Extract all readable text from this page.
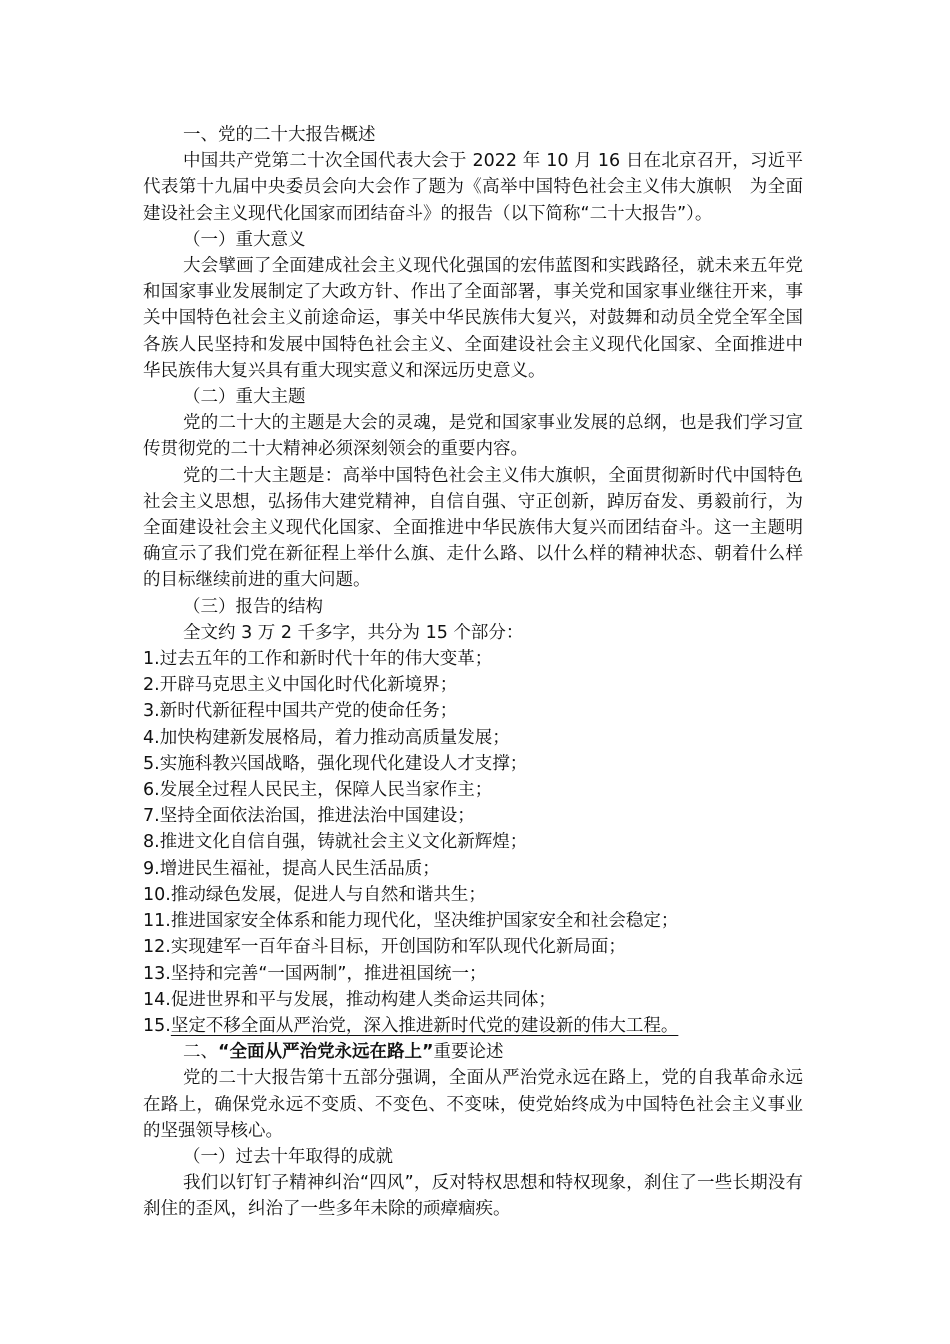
一、党的二十大报告概述

中国共产党第二十次全国代表大会于 2022 年 10 月 16 日在北京召开，习近平代表第十九届中央委员会向大会作了题为《高举中国特色社会主义伟大旗帜　为全面建设社会主义现代化国家而团结奋斗》的报告（以下简称“二十大报告”）。

（一）重大意义

大会擘画了全面建成社会主义现代化强国的宏伟蓝图和实践路径，就未来五年党和国家事业发展制定了大政方针、作出了全面部署，事关党和国家事业继往开来，事关中国特色社会主义前途命运，事关中华民族伟大复兴，对鼓舞和动员全党全军全国各族人民坚持和发展中国特色社会主义、全面建设社会主义现代化国家、全面推进中华民族伟大复兴具有重大现实意义和深远历史意义。

（二）重大主题

党的二十大的主题是大会的灵魂，是党和国家事业发展的总纲，也是我们学习宣传贯彻党的二十大精神必须深刻领会的重要内容。

党的二十大主题是：高举中国特色社会主义伟大旗帜，全面贯彻新时代中国特色社会主义思想，弘扬伟大建党精神，自信自强、守正创新，踔厉奋发、勇毅前行，为全面建设社会主义现代化国家、全面推进中华民族伟大复兴而团结奋斗。这一主题明确宣示了我们党在新征程上举什么旗、走什么路、以什么样的精神状态、朝着什么样的目标继续前进的重大问题。

（三）报告的结构

全文约 3 万 2 千多字，共分为 15 个部分：

1.过去五年的工作和新时代十年的伟大变革；

2.开辟马克思主义中国化时代化新境界；

3.新时代新征程中国共产党的使命任务；

4.加快构建新发展格局，着力推动高质量发展；

5.实施科教兴国战略，强化现代化建设人才支撑；

6.发展全过程人民民主，保障人民当家作主；

7.坚持全面依法治国，推进法治中国建设；

8.推进文化自信自强，铸就社会主义文化新辉煌；

9.增进民生福祉，提高人民生活品质；

10.推动绿色发展，促进人与自然和谐共生；

11.推进国家安全体系和能力现代化，坚决维护国家安全和社会稳定；

12.实现建军一百年奋斗目标，开创国防和军队现代化新局面；

13.坚持和完善“一国两制”，推进祖国统一；

14.促进世界和平与发展，推动构建人类命运共同体；

15.坚定不移全面从严治党，深入推进新时代党的建设新的伟大工程。

二、“全面从严治党永远在路上”重要论述

党的二十大报告第十五部分强调，全面从严治党永远在路上，党的自我革命永远在路上，确保党永远不变质、不变色、不变味，使党始终成为中国特色社会主义事业的坚强领导核心。

（一）过去十年取得的成就

我们以钉钉子精神纠治“四风”，反对特权思想和特权现象，刹住了一些长期没有刹住的歪风，纠治了一些多年未除的顽瘴痼疾。
